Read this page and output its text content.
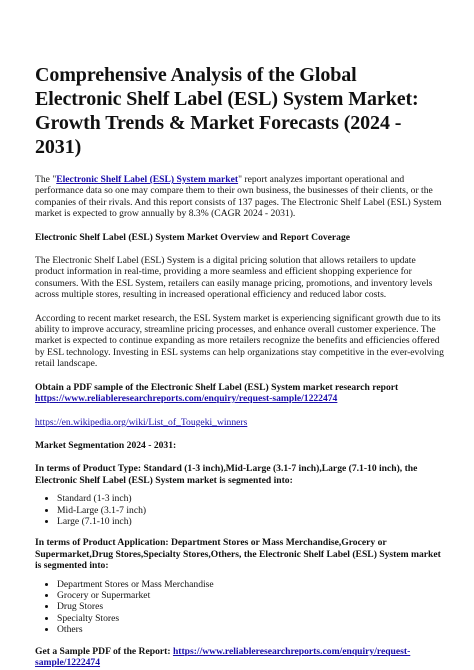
Comprehensive Analysis of the Global Electronic Shelf Label (ESL) System Market: Growth Trends & Market Forecasts (2024 - 2031)

The "Electronic Shelf Label (ESL) System market" report analyzes important operational and performance data so one may compare them to their own business, the businesses of their clients, or the companies of their rivals. And this report consists of 137 pages. The Electronic Shelf Label (ESL) System market is expected to grow annually by 8.3% (CAGR 2024 - 2031).

Electronic Shelf Label (ESL) System Market Overview and Report Coverage

The Electronic Shelf Label (ESL) System is a digital pricing solution that allows retailers to update product information in real-time, providing a more seamless and efficient shopping experience for consumers. With the ESL System, retailers can easily manage pricing, promotions, and inventory levels across multiple stores, resulting in increased operational efficiency and reduced labor costs.

According to recent market research, the ESL System market is experiencing significant growth due to its ability to improve accuracy, streamline pricing processes, and enhance overall customer experience. The market is expected to continue expanding as more retailers recognize the benefits and efficiencies offered by ESL technology. Investing in ESL systems can help organizations stay competitive in the ever-evolving retail landscape.

Obtain a PDF sample of the Electronic Shelf Label (ESL) System market research report https://www.reliableresearchreports.com/enquiry/request-sample/1222474

https://en.wikipedia.org/wiki/List_of_Tougeki_winners

Market Segmentation 2024 - 2031:

In terms of Product Type: Standard (1-3 inch),Mid-Large (3.1-7 inch),Large (7.1-10 inch), the Electronic Shelf Label (ESL) System market is segmented into:

• Standard (1-3 inch)
• Mid-Large (3.1-7 inch)
• Large (7.1-10 inch)

In terms of Product Application: Department Stores or Mass Merchandise,Grocery or Supermarket,Drug Stores,Specialty Stores,Others, the Electronic Shelf Label (ESL) System market is segmented into:

• Department Stores or Mass Merchandise
• Grocery or Supermarket
• Drug Stores
• Specialty Stores
• Others

Get a Sample PDF of the Report: https://www.reliableresearchreports.com/enquiry/request-sample/1222474
